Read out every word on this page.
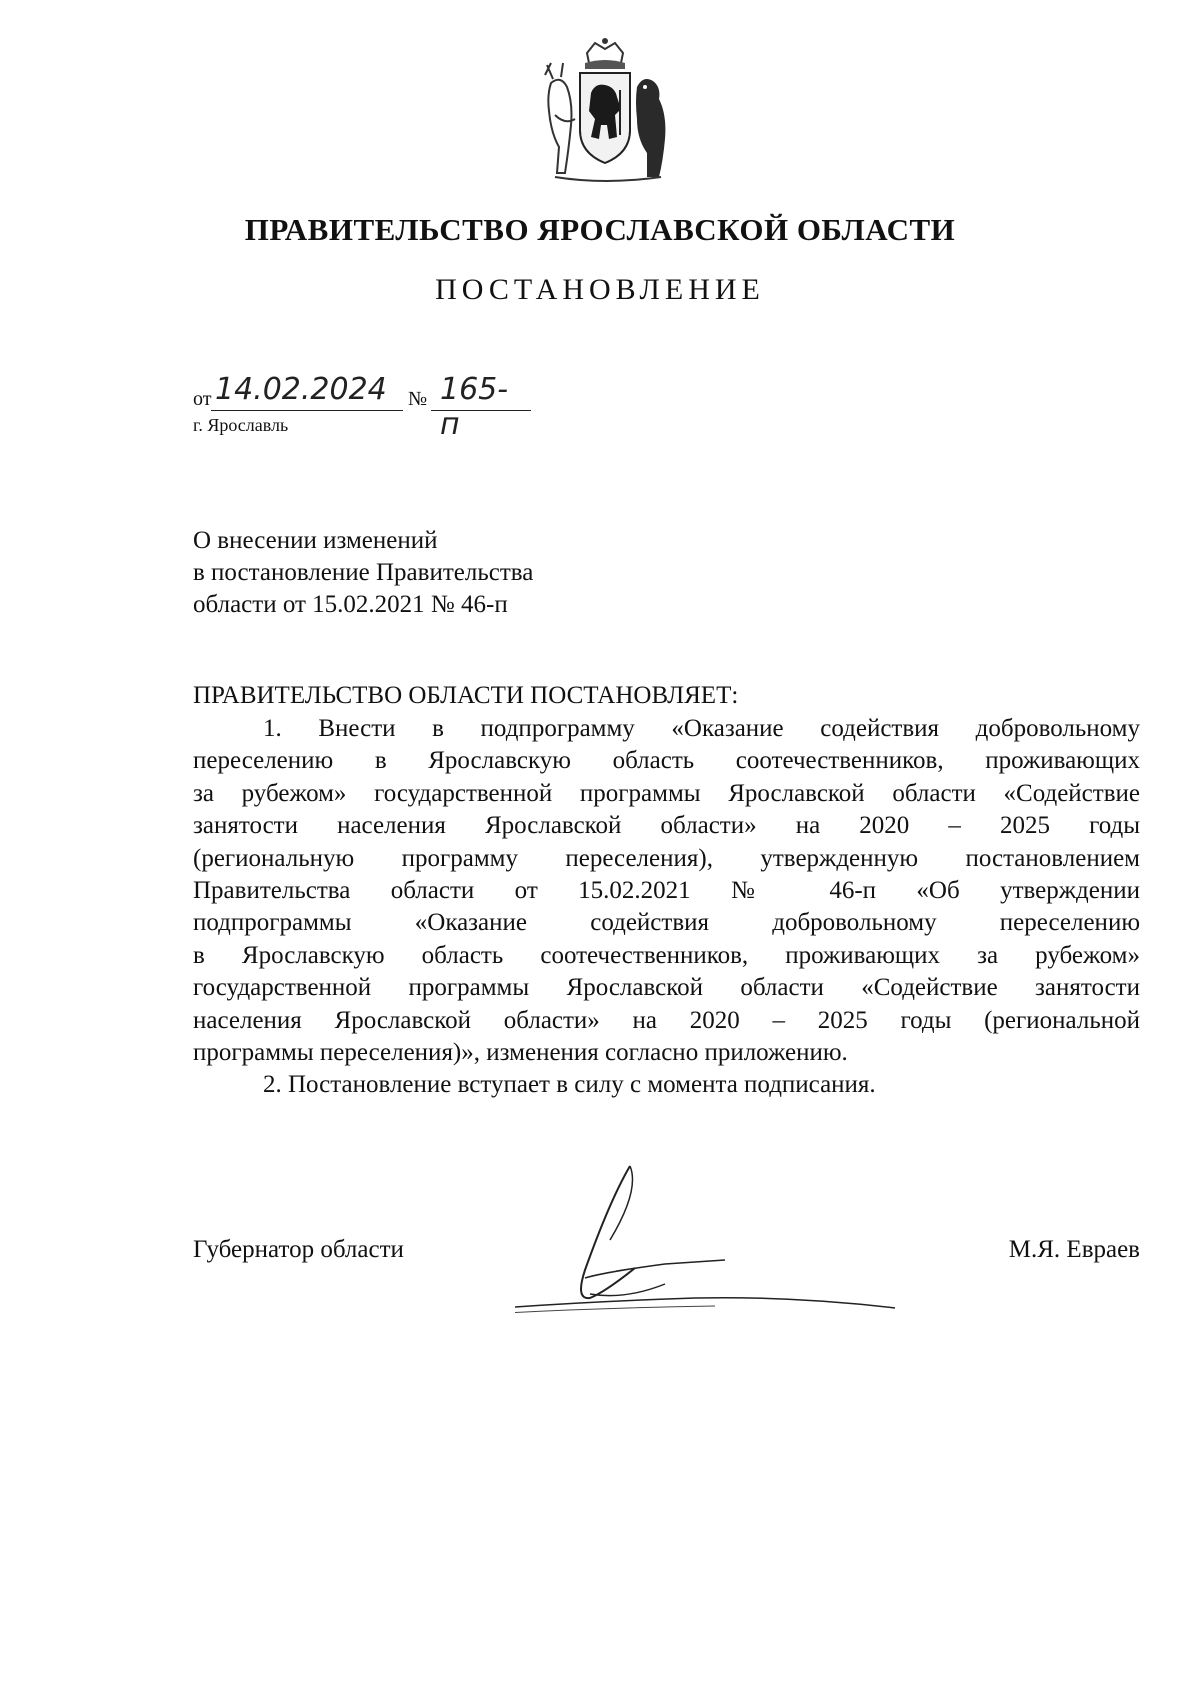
ПРАВИТЕЛЬСТВО ЯРОСЛАВСКОЙ ОБЛАСТИ
ПОСТАНОВЛЕНИЕ
от 14.02.2024 № 165-п
г. Ярославль
О внесении изменений
в постановление Правительства
области от 15.02.2021 № 46-п
ПРАВИТЕЛЬСТВО ОБЛАСТИ ПОСТАНОВЛЯЕТ:
1. Внести в подпрограмму «Оказание содействия добровольному
переселению в Ярославскую область соотечественников, проживающих
за рубежом» государственной программы Ярославской области «Содействие
занятости населения Ярославской области» на 2020 – 2025 годы
(региональную программу переселения), утвержденную постановлением
Правительства области от 15.02.2021 № 46-п «Об утверждении
подпрограммы «Оказание содействия добровольному переселению
в Ярославскую область соотечественников, проживающих за рубежом»
государственной программы Ярославской области «Содействие занятости
населения Ярославской области» на 2020 – 2025 годы (региональной
программы переселения)», изменения согласно приложению.
2. Постановление вступает в силу с момента подписания.
Губернатор области	М.Я. Евраев
